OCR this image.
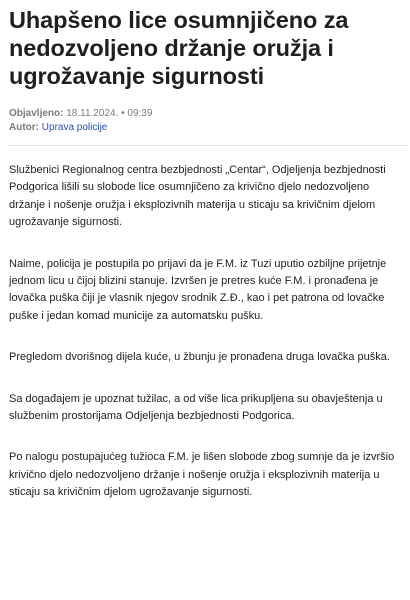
Uhapšeno lice osumnjičeno za nedozvoljeno držanje oružja i ugrožavanje sigurnosti
Objavljeno: 18.11.2024. • 09:39
Autor: Uprava policije

Službenici Regionalnog centra bezbjednosti „Centar“, Odjeljenja bezbjednosti Podgorica lišili su slobode lice osumnjičeno za krivično djelo nedozvoljeno držanje i nošenje oružja i eksplozivnih materija u sticaju sa krivičnim djelom ugrožavanje sigurnosti.

Naime, policija je postupila po prijavi da je F.M. iz Tuzi uputio ozbiljne prijetnje jednom licu u čijoj blizini stanuje. Izvršen je pretres kuće F.M. i pronađena je lovačka puška čiji je vlasnik njegov srodnik Z.Đ., kao i pet patrona od lovačke puške i jedan komad municije za automatsku pušku.

Pregledom dvorišnog dijela kuće, u žbunju je pronađena druga lovačka puška.

Sa događajem je upoznat tužilac, a od više lica prikupljena su obavještenja u službenim prostorijama Odjeljenja bezbjednosti Podgorica.

Po nalogu postupajućeg tužioca F.M. je lišen slobode zbog sumnje da je izvršio krivično djelo nedozvoljeno držanje i nošenje oružja i eksplozivnih materija u sticaju sa krivičnim djelom ugrožavanje sigurnosti.
